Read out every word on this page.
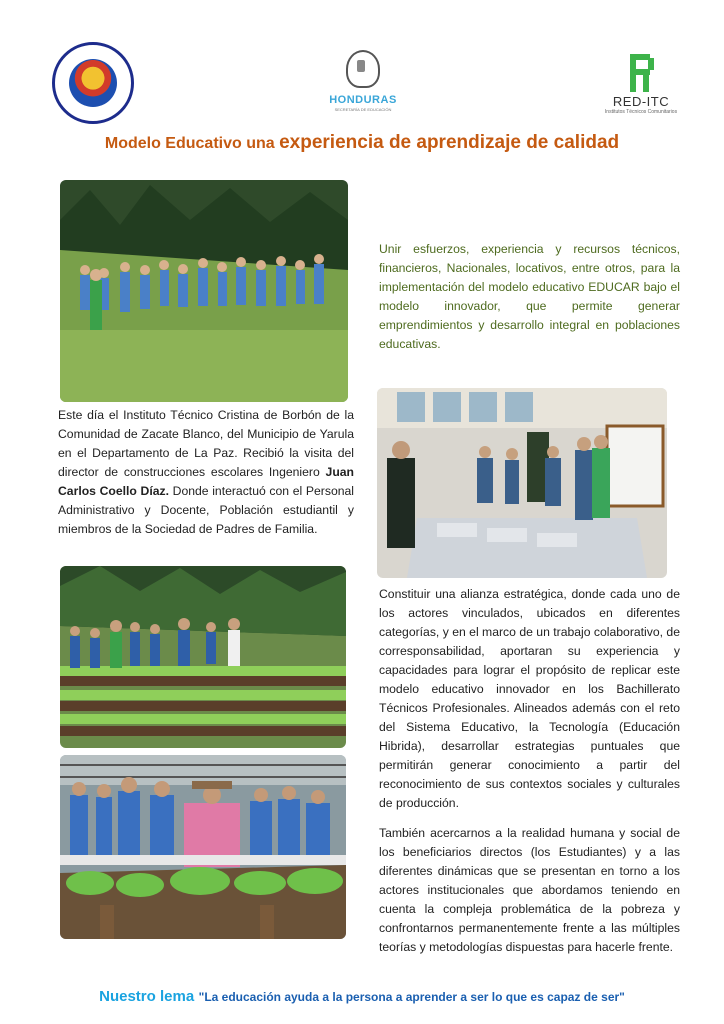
HONDURAS
SECRETARÍA DE EDUCACIÓN
RED-ITC
Institutos Técnicos Comunitarios
Modelo Educativo una experiencia de aprendizaje de calidad
Unir esfuerzos, experiencia y recursos técnicos, financieros, Nacionales, locativos, entre otros, para la implementación del modelo educativo EDUCAR bajo el modelo innovador, que permite generar emprendimientos y desarrollo integral en poblaciones educativas.
Este día el Instituto Técnico Cristina de Borbón de la Comunidad de Zacate Blanco, del Municipio de Yarula en el Departamento de La Paz. Recibió la visita del director de construcciones escolares Ingeniero Juan Carlos Coello Díaz. Donde interactuó con el Personal Administrativo y Docente, Población estudiantil y miembros de la Sociedad de Padres de Familia.
Constituir una alianza estratégica, donde cada uno de los actores vinculados, ubicados en diferentes categorías, y en el marco de un trabajo colaborativo, de corresponsabilidad, aportaran su experiencia y capacidades para lograr el propósito de replicar este modelo educativo innovador en los Bachillerato Técnicos Profesionales. Alineados además con el reto del Sistema Educativo, la Tecnología (Educación Hibrida), desarrollar estrategias puntuales que permitirán generar conocimiento a partir del reconocimiento de sus contextos sociales y culturales de producción.
También acercarnos a la realidad humana y social de los beneficiarios directos (los Estudiantes) y a las diferentes dinámicas que se presentan en torno a los actores institucionales que abordamos teniendo en cuenta la compleja problemática de la pobreza y confrontarnos permanentemente frente a las múltiples teorías y metodologías dispuestas para hacerle frente.
Nuestro lema "La educación ayuda a la persona a aprender a ser lo que es capaz de ser"
